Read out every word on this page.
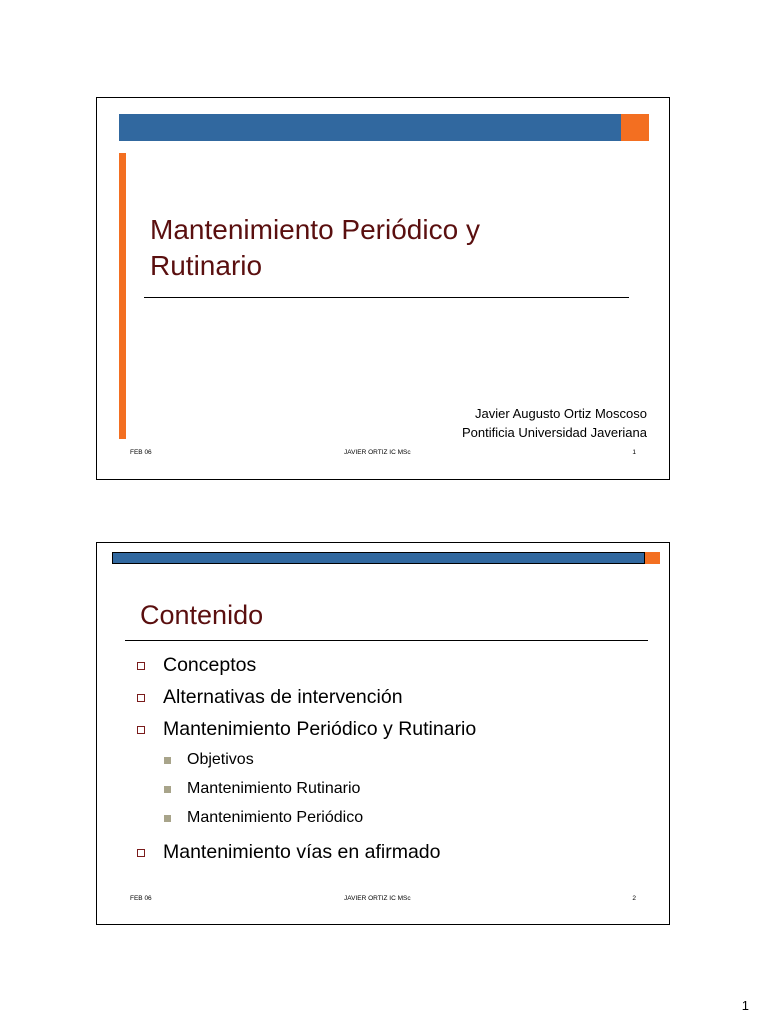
Mantenimiento Periódico y
Rutinario
Javier Augusto Ortiz Moscoso
Pontificia Universidad Javeriana
FEB 06	JAVIER ORTIZ IC MSc	1
Contenido
Conceptos
Alternativas de intervención
Mantenimiento Periódico y Rutinario
Objetivos
Mantenimiento Rutinario
Mantenimiento Periódico
Mantenimiento vías en afirmado
FEB 06	JAVIER ORTIZ IC MSc	2
1
